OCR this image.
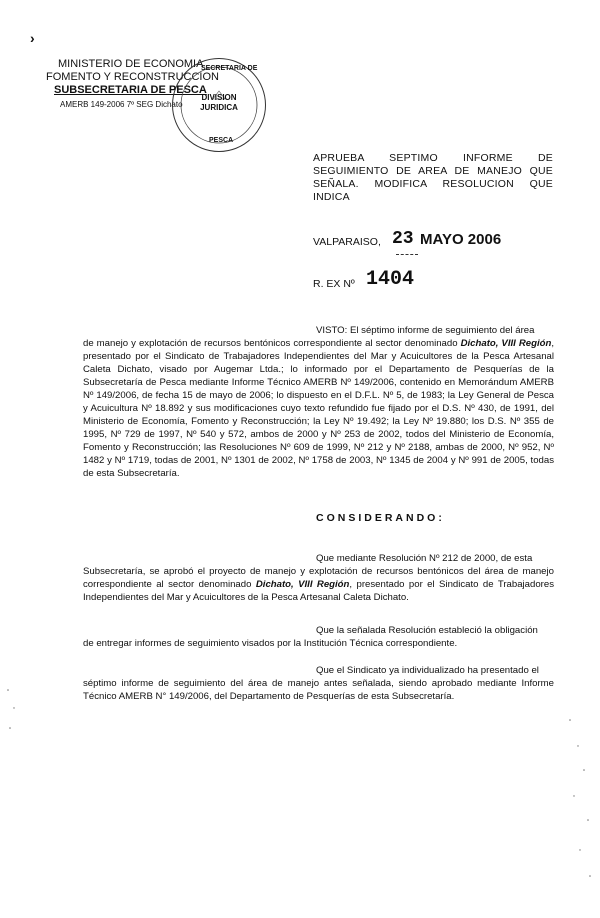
MINISTERIO DE ECONOMIA
FOMENTO Y RECONSTRUCCION
SUBSECRETARIA DE PESCA
AMERB 149-2006 7º SEG Dichato
DIVISION
JURIDICA
SECRETARIA DE
PESCA
APRUEBA SEPTIMO INFORME DE SEGUIMIENTO DE AREA DE MANEJO QUE SEÑALA. MODIFICA RESOLUCION QUE INDICA
VALPARAISO, 23 MAYO 2006
R. EX Nº 1404
VISTO: El séptimo informe de seguimiento del área
de manejo y explotación de recursos bentónicos correspondiente al sector denominado Dichato, VIII Región, presentado por el Sindicato de Trabajadores Independientes del Mar y Acuicultores de la Pesca Artesanal Caleta Dichato, visado por Augemar Ltda.; lo informado por el Departamento de Pesquerías de la Subsecretaría de Pesca mediante Informe Técnico AMERB Nº 149/2006, contenido en Memorándum AMERB Nº 149/2006, de fecha 15 de mayo de 2006; lo dispuesto en el D.F.L. Nº 5, de 1983; la Ley General de Pesca y Acuicultura Nº 18.892 y sus modificaciones cuyo texto refundido fue fijado por el D.S. Nº 430, de 1991, del Ministerio de Economía, Fomento y Reconstrucción; la Ley Nº 19.492; la Ley Nº 19.880; los D.S. Nº 355 de 1995, Nº 729 de 1997, Nº 540 y 572, ambos de 2000 y Nº 253 de 2002, todos del Ministerio de Economía, Fomento y Reconstrucción; las Resoluciones Nº 609 de 1999, Nº 212 y Nº 2188, ambas de 2000, Nº 952, Nº 1482 y Nº 1719, todas de 2001, Nº 1301 de 2002, Nº 1758 de 2003, Nº 1345 de 2004 y Nº 991 de 2005, todas de esta Subsecretaría.
CONSIDERANDO:
Que mediante Resolución Nº 212 de 2000, de esta
Subsecretaría, se aprobó el proyecto de manejo y explotación de recursos bentónicos del área de manejo correspondiente al sector denominado Dichato, VIII Región, presentado por el Sindicato de Trabajadores Independientes del Mar y Acuicultores de la Pesca Artesanal Caleta Dichato.
Que la señalada Resolución estableció la obligación
de entregar informes de seguimiento visados por la Institución Técnica correspondiente.
Que el Sindicato ya individualizado ha presentado el
séptimo informe de seguimiento del área de manejo antes señalada, siendo aprobado mediante Informe Técnico AMERB N° 149/2006, del Departamento de Pesquerías de esta Subsecretaría.
›
